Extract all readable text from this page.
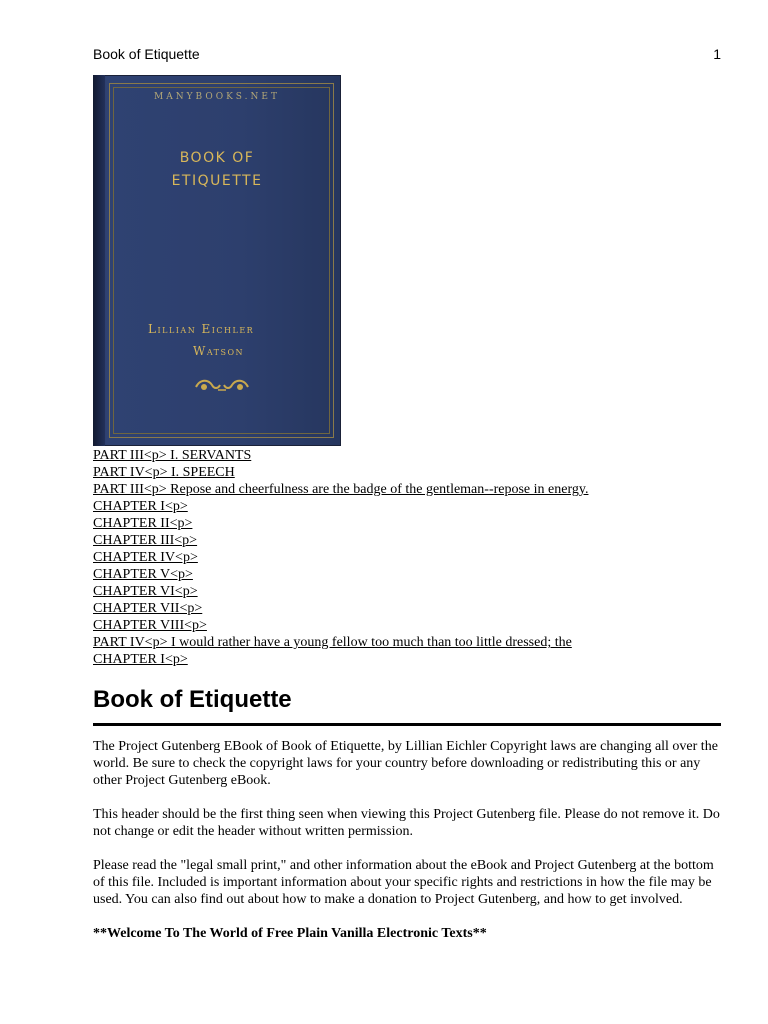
Book of Etiquette	1
MANYBOOKS.NET
BOOK OF
ETIQUETTE
Lillian Eichler
Watson
PART III<p> I. SERVANTS
PART IV<p> I. SPEECH
PART III<p> Repose and cheerfulness are the badge of the gentleman--repose in energy.
CHAPTER I<p>
CHAPTER II<p>
CHAPTER III<p>
CHAPTER IV<p>
CHAPTER V<p>
CHAPTER VI<p>
CHAPTER VII<p>
CHAPTER VIII<p>
PART IV<p> I would rather have a young fellow too much than too little dressed; the
CHAPTER I<p>
Book of Etiquette

The Project Gutenberg EBook of Book of Etiquette, by Lillian Eichler Copyright laws are changing all over the world. Be sure to check the copyright laws for your country before downloading or redistributing this or any other Project Gutenberg eBook.

This header should be the first thing seen when viewing this Project Gutenberg file. Please do not remove it. Do not change or edit the header without written permission.

Please read the "legal small print," and other information about the eBook and Project Gutenberg at the bottom of this file. Included is important information about your specific rights and restrictions in how the file may be used. You can also find out about how to make a donation to Project Gutenberg, and how to get involved.

**Welcome To The World of Free Plain Vanilla Electronic Texts**
